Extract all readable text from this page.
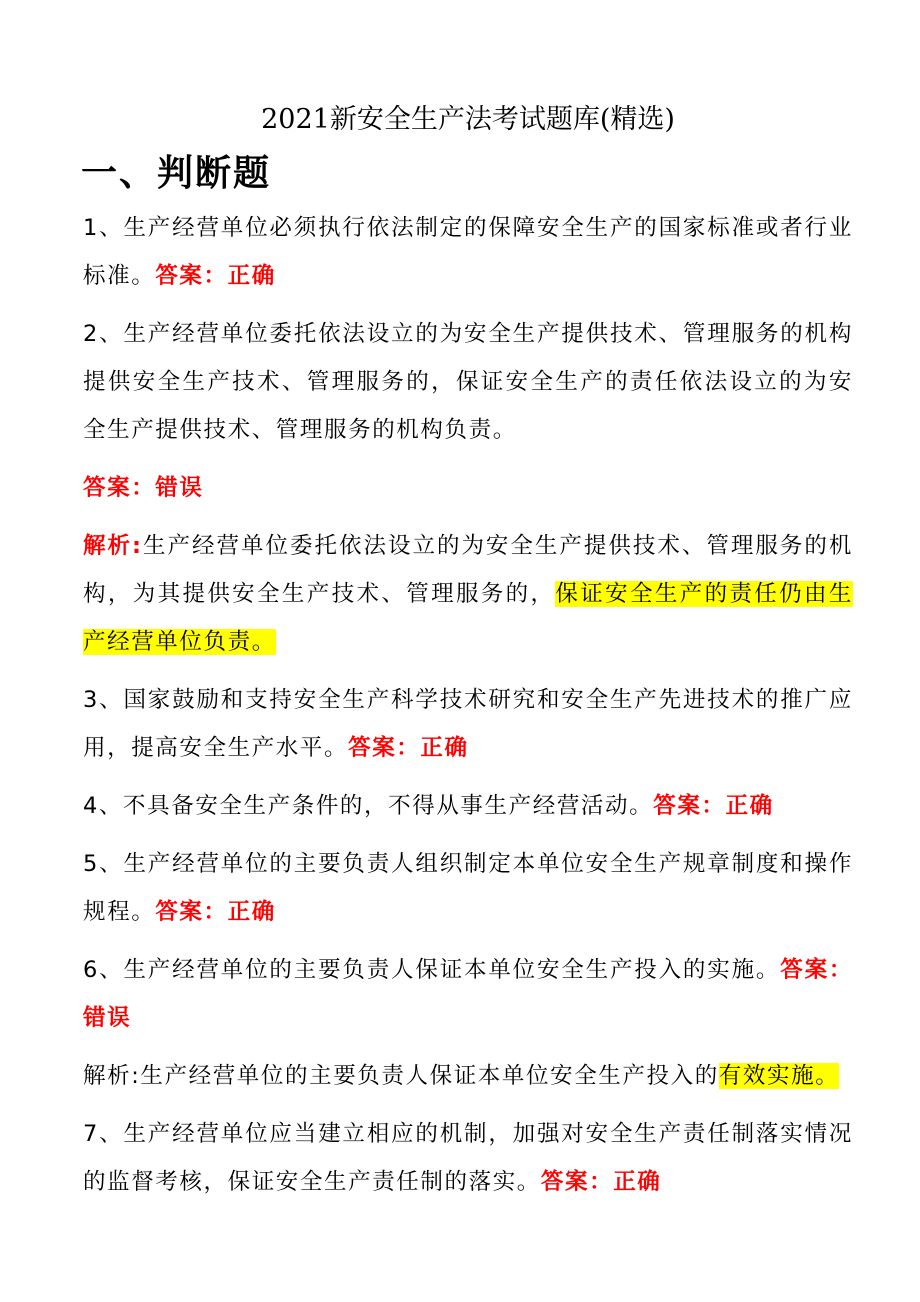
2021新安全生产法考试题库(精选)
一、判断题

1、生产经营单位必须执行依法制定的保障安全生产的国家标准或者行业标准。答案：正确

2、生产经营单位委托依法设立的为安全生产提供技术、管理服务的机构提供安全生产技术、管理服务的，保证安全生产的责任依法设立的为安全生产提供技术、管理服务的机构负责。

答案：错误

解析:生产经营单位委托依法设立的为安全生产提供技术、管理服务的机构，为其提供安全生产技术、管理服务的，保证安全生产的责任仍由生产经营单位负责。

3、国家鼓励和支持安全生产科学技术研究和安全生产先进技术的推广应用，提高安全生产水平。答案：正确

4、不具备安全生产条件的，不得从事生产经营活动。答案：正确

5、生产经营单位的主要负责人组织制定本单位安全生产规章制度和操作规程。答案：正确

6、生产经营单位的主要负责人保证本单位安全生产投入的实施。答案：错误

解析:生产经营单位的主要负责人保证本单位安全生产投入的有效实施。

7、生产经营单位应当建立相应的机制，加强对安全生产责任制落实情况的监督考核，保证安全生产责任制的落实。答案：正确
